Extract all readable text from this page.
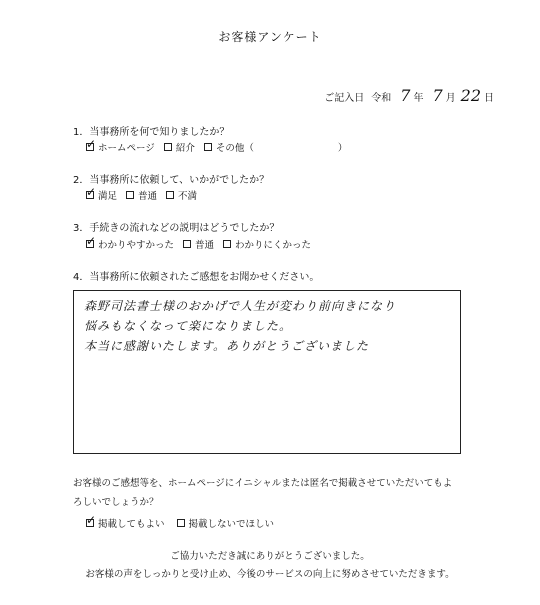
お客様アンケート
ご記入日 令和 7 年 7 月 22 日
1．当事務所を何で知りましたか？
✓ ホームページ 紹介 その他（	）
2．当事務所に依頼して、いかがでしたか？
✓ 満足 普通 不満
3．手続きの流れなどの説明はどうでしたか？
✓ わかりやすかった 普通 わかりにくかった
4．当事務所に依頼されたご感想をお聞かせください。
森野司法書士様のおかげで人生が変わり前向きになり
悩みもなくなって楽になりました。
本当に感謝いたします。ありがとうございました
お客様のご感想等を、ホームページにイニシャルまたは匿名で掲載させていただいてもよ
ろしいでしょうか？
✓ 掲載してもよい	掲載しないでほしい
ご協力いただき誠にありがとうございました。
お客様の声をしっかりと受け止め、今後のサービスの向上に努めさせていただきます。
